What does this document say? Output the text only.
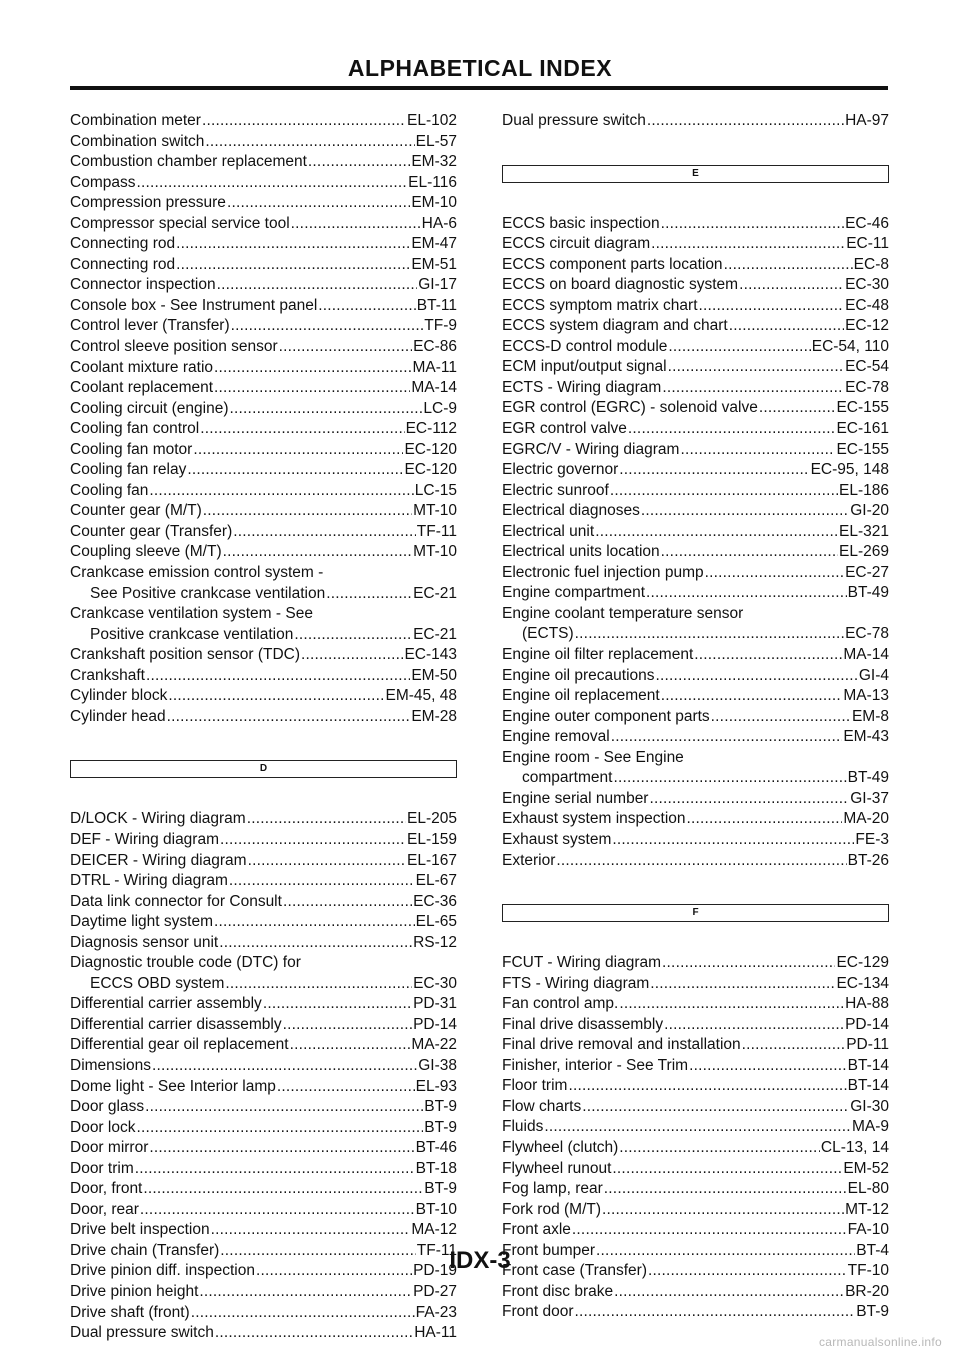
ALPHABETICAL INDEX
Combination meter .....	EL-102
Combination switch .....	EL-57
Combustion chamber replacement .....	EM-32
Compass .....	EL-116
Compression pressure .....	EM-10
Compressor special service tool .....	HA-6
Connecting rod .....	EM-47
Connecting rod .....	EM-51
Connector inspection .....	GI-17
Console box - See Instrument panel .....	BT-11
Control lever (Transfer) .....	TF-9
Control sleeve position sensor .....	EC-86
Coolant mixture ratio .....	MA-11
Coolant replacement .....	MA-14
Cooling circuit (engine) .....	LC-9
Cooling fan control .....	EC-112
Cooling fan motor .....	EC-120
Cooling fan relay .....	EC-120
Cooling fan .....	LC-15
Counter gear (M/T) .....	MT-10
Counter gear (Transfer) .....	TF-11
Coupling sleeve (M/T) .....	MT-10
Crankcase emission control system -
See Positive crankcase ventilation .....	EC-21
Crankcase ventilation system - See
Positive crankcase ventilation .....	EC-21
Crankshaft position sensor (TDC) .....	EC-143
Crankshaft .....	EM-50
Cylinder block .....	EM-45, 48
Cylinder head .....	EM-28
D
D/LOCK - Wiring diagram .....	EL-205
DEF - Wiring diagram .....	EL-159
DEICER - Wiring diagram .....	EL-167
DTRL - Wiring diagram .....	EL-67
Data link connector for Consult .....	EC-36
Daytime light system .....	EL-65
Diagnosis sensor unit .....	RS-12
Diagnostic trouble code (DTC) for
ECCS OBD system .....	EC-30
Differential carrier assembly .....	PD-31
Differential carrier disassembly .....	PD-14
Differential gear oil replacement .....	MA-22
Dimensions .....	GI-38
Dome light - See Interior lamp .....	EL-93
Door glass .....	BT-9
Door lock .....	BT-9
Door mirror .....	BT-46
Door trim .....	BT-18
Door, front .....	BT-9
Door, rear .....	BT-10
Drive belt inspection .....	MA-12
Drive chain (Transfer) .....	TF-11
Drive pinion diff. inspection .....	PD-19
Drive pinion height .....	PD-27
Drive shaft (front) .....	FA-23
Dual pressure switch .....	HA-11
Dual pressure switch .....	HA-97
E
ECCS basic inspection .....	EC-46
ECCS circuit diagram .....	EC-11
ECCS component parts location .....	EC-8
ECCS on board diagnostic system .....	EC-30
ECCS symptom matrix chart .....	EC-48
ECCS system diagram and chart .....	EC-12
ECCS-D control module .....	EC-54, 110
ECM input/output signal .....	EC-54
ECTS - Wiring diagram .....	EC-78
EGR control (EGRC) - solenoid valve .....	EC-155
EGR control valve .....	EC-161
EGRC/V - Wiring diagram .....	EC-155
Electric governor .....	EC-95, 148
Electric sunroof .....	EL-186
Electrical diagnoses .....	GI-20
Electrical unit .....	EL-321
Electrical units location .....	EL-269
Electronic fuel injection pump .....	EC-27
Engine compartment .....	BT-49
Engine coolant temperature sensor
(ECTS) .....	EC-78
Engine oil filter replacement .....	MA-14
Engine oil precautions .....	GI-4
Engine oil replacement .....	MA-13
Engine outer component parts .....	EM-8
Engine removal .....	EM-43
Engine room - See Engine
compartment .....	BT-49
Engine serial number .....	GI-37
Exhaust system inspection .....	MA-20
Exhaust system .....	FE-3
Exterior .....	BT-26
F
FCUT - Wiring diagram .....	EC-129
FTS - Wiring diagram .....	EC-134
Fan control amp. .....	HA-88
Final drive disassembly .....	PD-14
Final drive removal and installation .....	PD-11
Finisher, interior - See Trim .....	BT-14
Floor trim .....	BT-14
Flow charts .....	GI-30
Fluids .....	MA-9
Flywheel (clutch) .....	CL-13, 14
Flywheel runout .....	EM-52
Fog lamp, rear .....	EL-80
Fork rod (M/T) .....	MT-12
Front axle .....	FA-10
Front bumper .....	BT-4
Front case (Transfer) .....	TF-10
Front disc brake .....	BR-20
Front door .....	BT-9
IDX-3
carmanualsonline.info
